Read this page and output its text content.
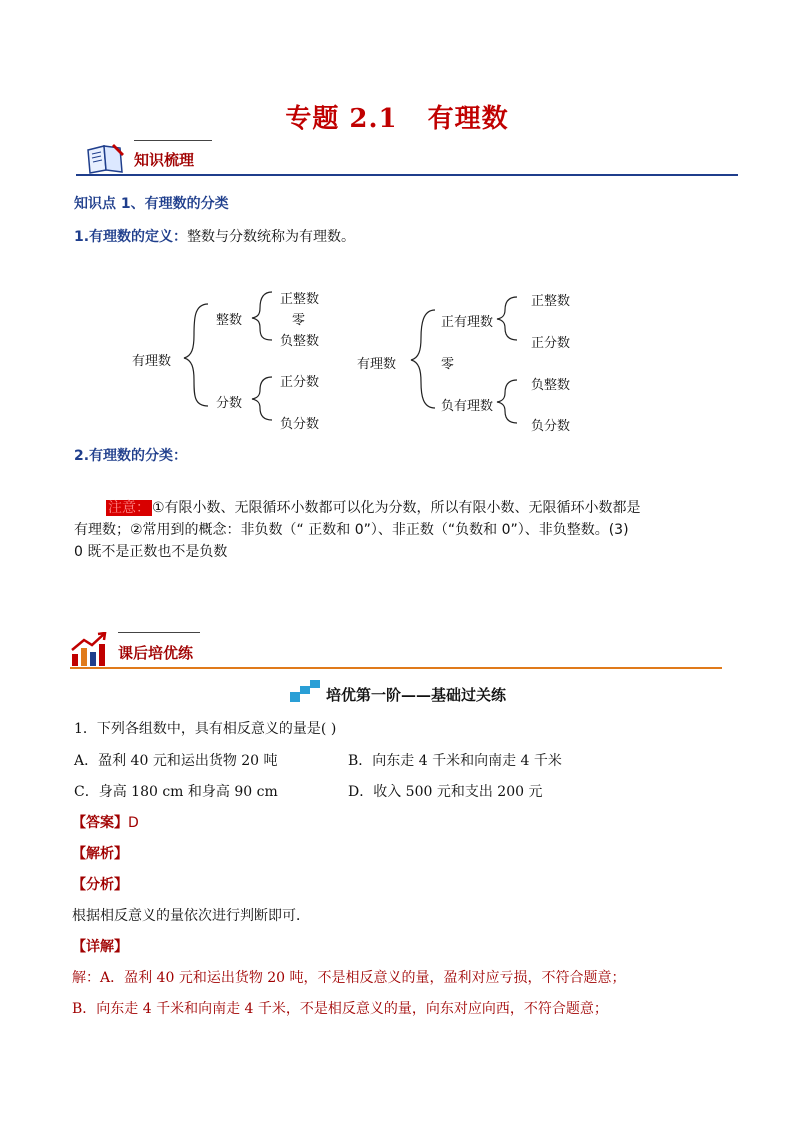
专题 2.1 有理数
知识梳理
知识点 1、有理数的分类
1.有理数的定义：整数与分数统称为有理数。
有理数
整数
正整数
零
负整数
分数
正分数
负分数
有理数
正有理数
正整数
正分数
零
负有理数
负整数
负分数
2.有理数的分类：
注意： ①有限小数、无限循环小数都可以化为分数，所以有限小数、无限循环小数都是
有理数；②常用到的概念：非负数（“ 正数和 0”）、非正数（“负数和 0”）、非负整数。(3)
0 既不是正数也不是负数
课后培优练
培优第一阶——基础过关练
1．下列各组数中，具有相反意义的量是( )
A．盈利 40 元和运出货物 20 吨	B．向东走 4 千米和向南走 4 千米
C．身高 180 cm 和身高 90 cm	D．收入 500 元和支出 200 元
【答案】D
【解析】
【分析】
根据相反意义的量依次进行判断即可．
【详解】
解：A．盈利 40 元和运出货物 20 吨，不是相反意义的量，盈利对应亏损，不符合题意；
B．向东走 4 千米和向南走 4 千米，不是相反意义的量，向东对应向西，不符合题意；
